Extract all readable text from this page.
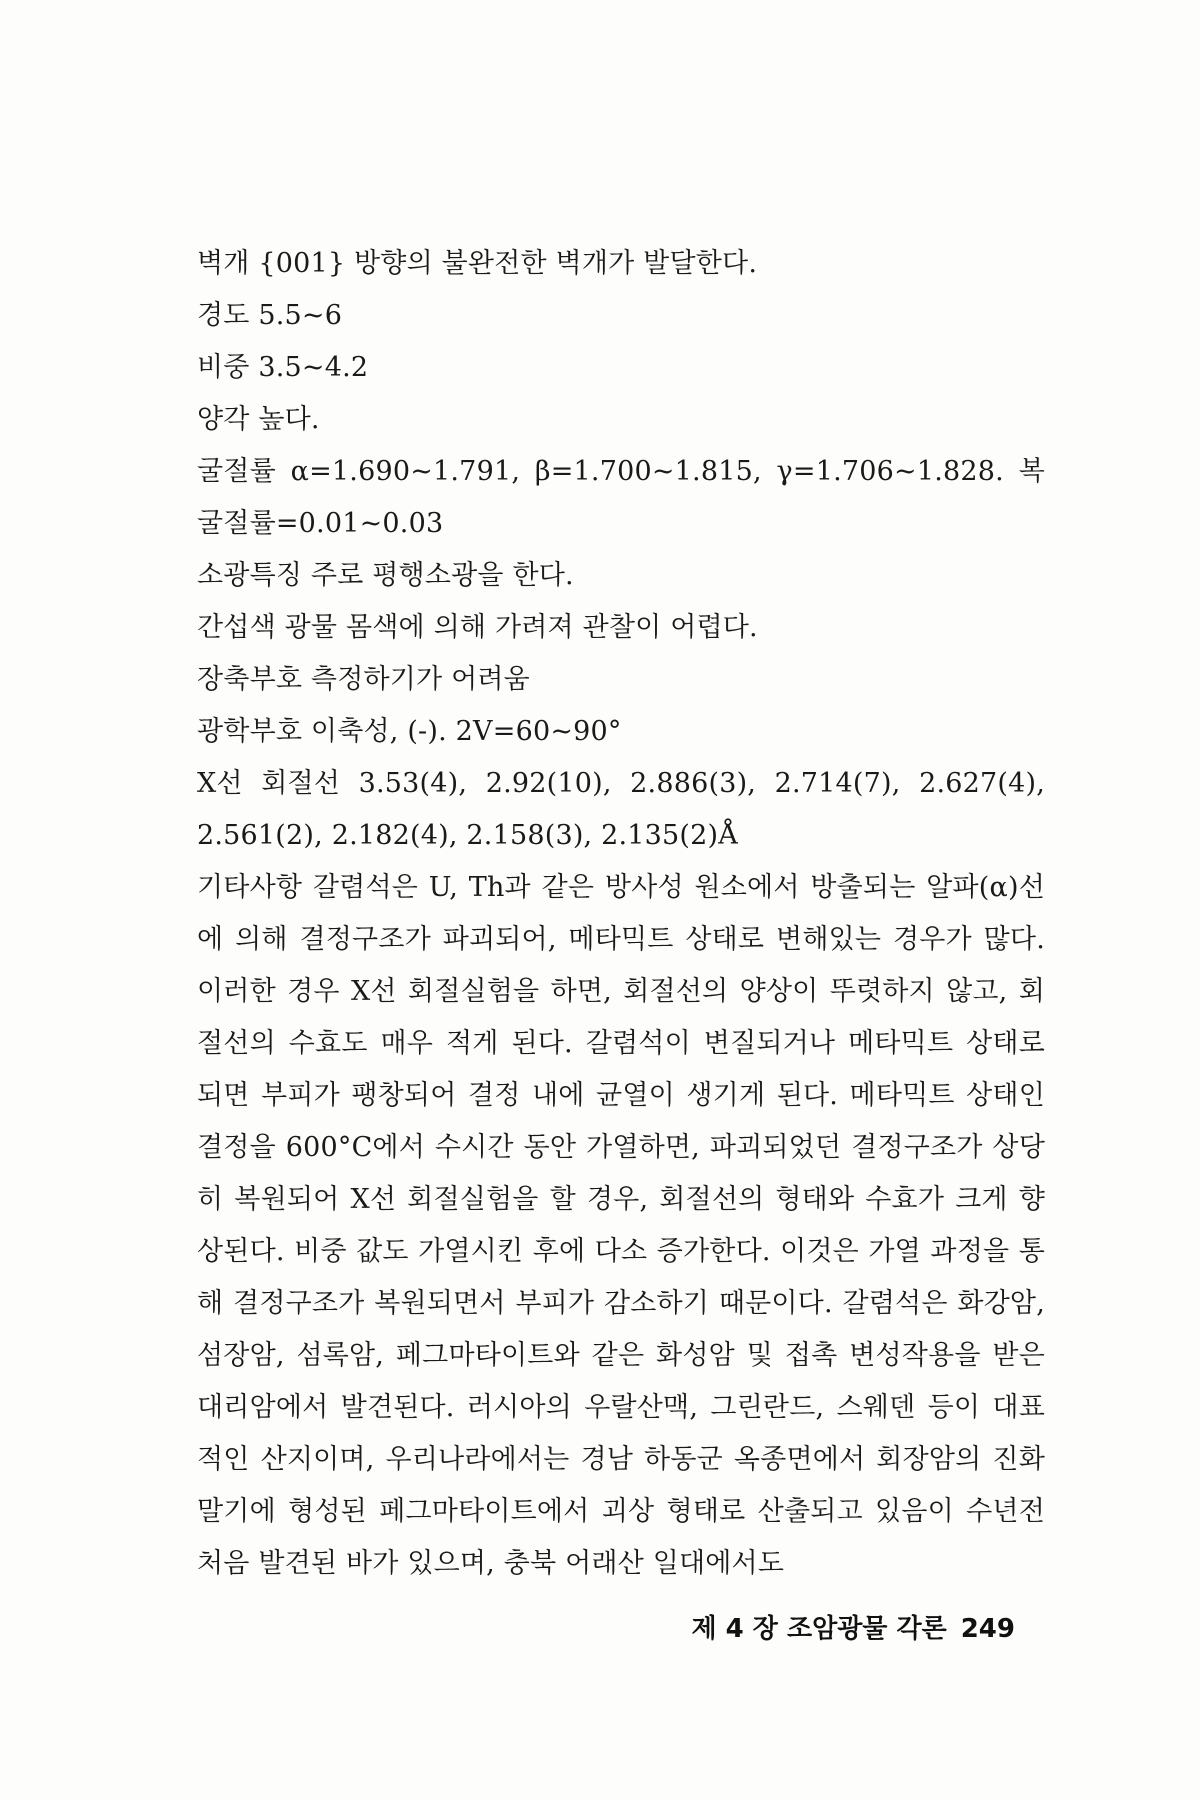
벽개 {001} 방향의 불완전한 벽개가 발달한다.
경도 5.5~6
비중 3.5~4.2
양각 높다.
굴절률 α=1.690~1.791, β=1.700~1.815, γ=1.706~1.828. 복굴절률=0.01~0.03
소광특징 주로 평행소광을 한다.
간섭색 광물 몸색에 의해 가려져 관찰이 어렵다.
장축부호 측정하기가 어려움
광학부호 이축성, (-). 2V=60~90°
X선 회절선 3.53(4), 2.92(10), 2.886(3), 2.714(7), 2.627(4), 2.561(2), 2.182(4), 2.158(3), 2.135(2)Å
기타사항 갈렴석은 U, Th과 같은 방사성 원소에서 방출되는 알파(α)선에 의해 결정구조가 파괴되어, 메타믹트 상태로 변해있는 경우가 많다. 이러한 경우 X선 회절실험을 하면, 회절선의 양상이 뚜렷하지 않고, 회절선의 수효도 매우 적게 된다. 갈렴석이 변질되거나 메타믹트 상태로 되면 부피가 팽창되어 결정 내에 균열이 생기게 된다. 메타믹트 상태인 결정을 600°C에서 수시간 동안 가열하면, 파괴되었던 결정구조가 상당히 복원되어 X선 회절실험을 할 경우, 회절선의 형태와 수효가 크게 향상된다. 비중 값도 가열시킨 후에 다소 증가한다. 이것은 가열 과정을 통해 결정구조가 복원되면서 부피가 감소하기 때문이다. 갈렴석은 화강암, 섬장암, 섬록암, 페그마타이트와 같은 화성암 및 접촉 변성작용을 받은 대리암에서 발견된다. 러시아의 우랄산맥, 그린란드, 스웨덴 등이 대표적인 산지이며, 우리나라에서는 경남 하동군 옥종면에서 회장암의 진화 말기에 형성된 페그마타이트에서 괴상 형태로 산출되고 있음이 수년전 처음 발견된 바가 있으며, 충북 어래산 일대에서도
제 4 장 조암광물 각론 249
